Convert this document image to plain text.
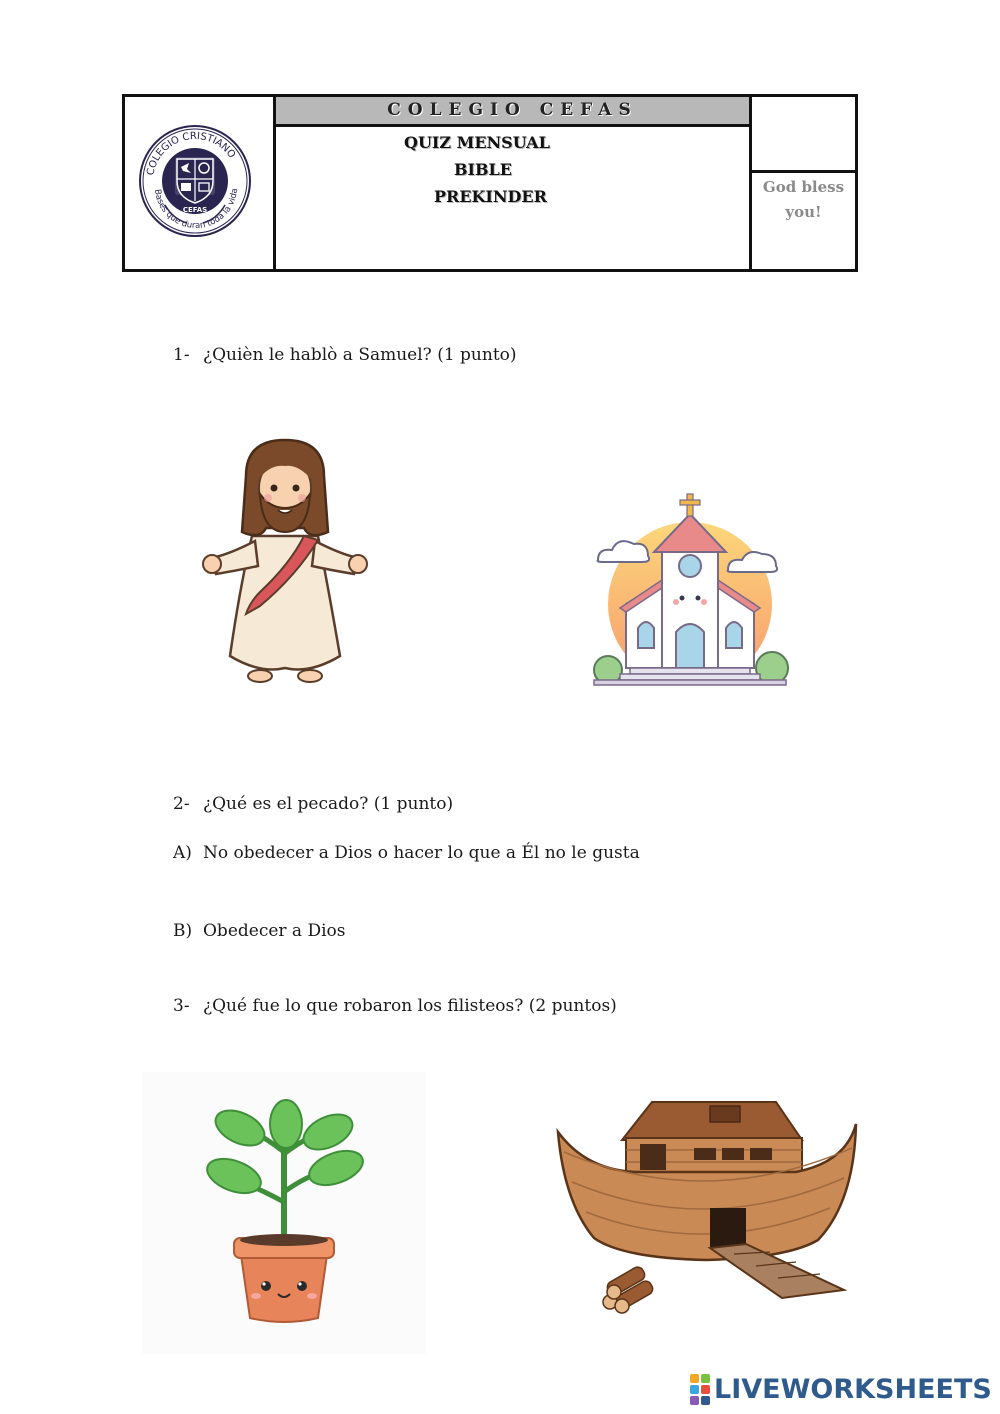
COLEGIO CRISTIANO
Bases que duran toda la vida
CEFAS
COLEGIO CEFAS
QUIZ MENSUAL
BIBLE
PREKINDER	God bless
you!
1- ¿Quièn le hablò a Samuel? (1 punto)
2- ¿Qué es el pecado? (1 punto)
A) No obedecer a Dios o hacer lo que a Él no le gusta
B) Obedecer a Dios
3- ¿Qué fue lo que robaron los filisteos? (2 puntos)
LIVEWORKSHEETS
